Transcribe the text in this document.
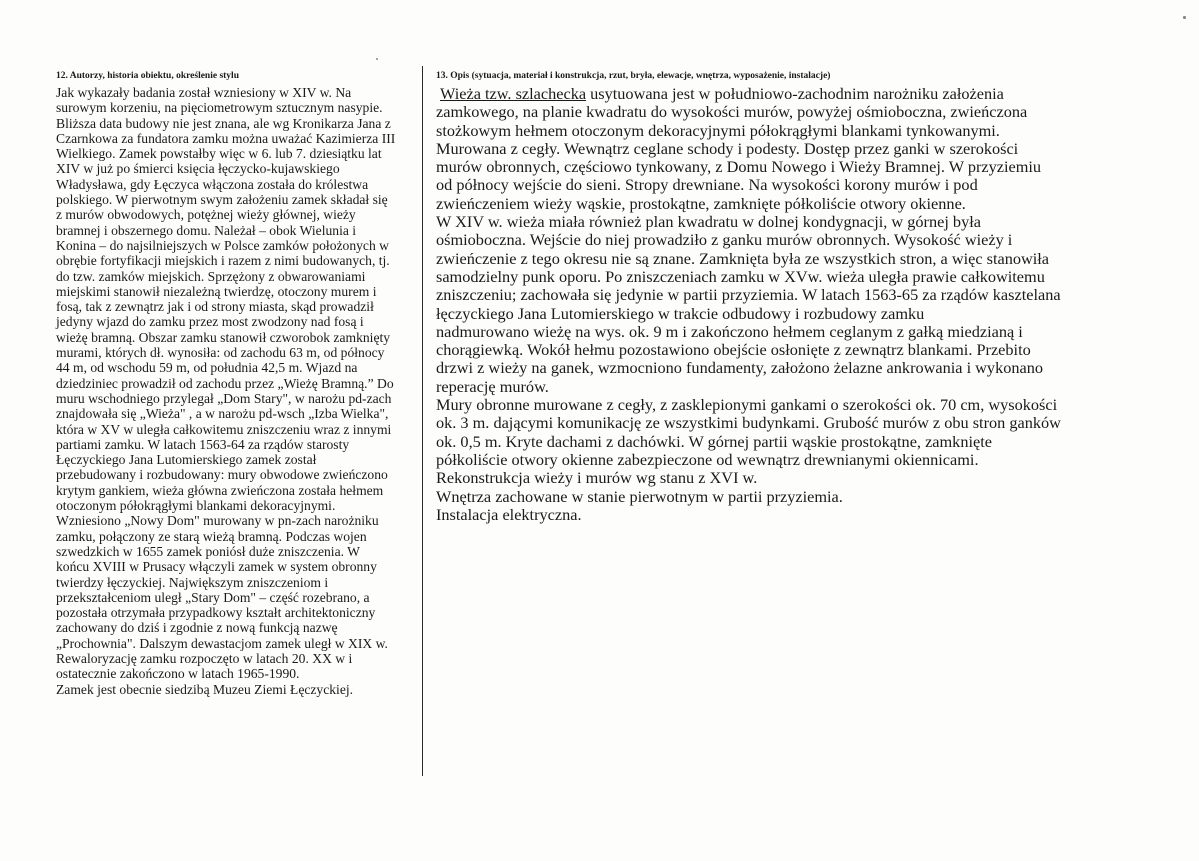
12. Autorzy, historia obiektu, określenie stylu

Jak wykazały badania został wzniesiony w XIV w. Na
surowym korzeniu, na pięciometrowym sztucznym nasypie.
Bliższa data budowy nie jest znana, ale wg Kronikarza Jana z
Czarnkowa za fundatora zamku można uważać Kazimierza III
Wielkiego. Zamek powstałby więc w 6. lub 7. dziesiątku lat
XIV w już po śmierci księcia łęczycko-kujawskiego
Władysława, gdy Łęczyca włączona została do królestwa
polskiego. W pierwotnym swym założeniu zamek składał się
z murów obwodowych, potężnej wieży głównej, wieży
bramnej i obszernego domu. Należał – obok Wielunia i
Konina – do najsilniejszych w Polsce zamków położonych w
obrębie fortyfikacji miejskich i razem z nimi budowanych, tj.
do tzw. zamków miejskich. Sprzężony z obwarowaniami
miejskimi stanowił niezależną twierdzę, otoczony murem i
fosą, tak z zewnątrz jak i od strony miasta, skąd prowadził
jedyny wjazd do zamku przez most zwodzony nad fosą i
wieżę bramną. Obszar zamku stanowił czworobok zamknięty
murami, których dł. wynosiła: od zachodu 63 m, od północy
44 m, od wschodu 59 m, od południa 42,5 m. Wjazd na
dziedziniec prowadził od zachodu przez „Wieżę Bramną.” Do
muru wschodniego przylegał „Dom Stary", w narożu pd-zach
znajdowała się „Wieża" , a w narożu pd-wsch „Izba Wielka",
która w XV w uległa całkowitemu zniszczeniu wraz z innymi
partiami zamku. W latach 1563-64 za rządów starosty
Łęczyckiego Jana Lutomierskiego zamek został
przebudowany i rozbudowany: mury obwodowe zwieńczono
krytym gankiem, wieża główna zwieńczona została hełmem
otoczonym półokrągłymi blankami dekoracyjnymi.
Wzniesiono „Nowy Dom" murowany w pn-zach narożniku
zamku, połączony ze starą wieżą bramną. Podczas wojen
szwedzkich w 1655 zamek poniósł duże zniszczenia. W
końcu XVIII w Prusacy włączyli zamek w system obronny
twierdzy łęczyckiej. Największym zniszczeniom i
przekształceniom uległ „Stary Dom" – część rozebrano, a
pozostała otrzymała przypadkowy kształt architektoniczny
zachowany do dziś i zgodnie z nową funkcją nazwę
„Prochownia". Dalszym dewastacjom zamek uległ w XIX w.
Rewaloryzację zamku rozpoczęto w latach 20. XX w i
ostatecznie zakończono w latach 1965-1990.
Zamek jest obecnie siedzibą Muzeu Ziemi Łęczyckiej.

13. Opis (sytuacja, materiał i konstrukcja, rzut, bryła, elewacje, wnętrza, wyposażenie, instalacje)

Wieża tzw. szlachecka usytuowana jest w południowo-zachodnim narożniku założenia
zamkowego, na planie kwadratu do wysokości murów, powyżej ośmioboczna, zwieńczona
stożkowym hełmem otoczonym dekoracyjnymi półokrągłymi blankami tynkowanymi.
Murowana z cegły. Wewnątrz ceglane schody i podesty. Dostęp przez ganki w szerokości
murów obronnych, częściowo tynkowany, z Domu Nowego i Wieży Bramnej. W przyziemiu
od północy wejście do sieni. Stropy drewniane. Na wysokości korony murów i pod
zwieńczeniem wieży wąskie, prostokątne, zamknięte półkoliście otwory okienne.
W XIV w. wieża miała również plan kwadratu w dolnej kondygnacji, w górnej była
ośmioboczna. Wejście do niej prowadziło z ganku murów obronnych. Wysokość wieży i
zwieńczenie z tego okresu nie są znane. Zamknięta była ze wszystkich stron, a więc stanowiła
samodzielny punk oporu. Po zniszczeniach zamku w XVw. wieża uległa prawie całkowitemu
zniszczeniu; zachowała się jedynie w partii przyziemia. W latach 1563-65 za rządów kasztelana
łęczyckiego Jana Lutomierskiego w trakcie odbudowy i rozbudowy zamku
nadmurowano wieżę na wys. ok. 9 m i zakończono hełmem ceglanym z gałką miedzianą i
chorągiewką. Wokół hełmu pozostawiono obejście osłonięte z zewnątrz blankami. Przebito
drzwi z wieży na ganek, wzmocniono fundamenty, założono żelazne ankrowania i wykonano
reperację murów.
Mury obronne murowane z cegły, z zasklepionymi gankami o szerokości ok. 70 cm, wysokości
ok. 3 m. dającymi komunikację ze wszystkimi budynkami. Grubość murów z obu stron ganków
ok. 0,5 m. Kryte dachami z dachówki. W górnej partii wąskie prostokątne, zamknięte
półkoliście otwory okienne zabezpieczone od wewnątrz drewnianymi okiennicami.
Rekonstrukcja wieży i murów wg stanu z XVI w.
Wnętrza zachowane w stanie pierwotnym w partii przyziemia.
Instalacja elektryczna.
